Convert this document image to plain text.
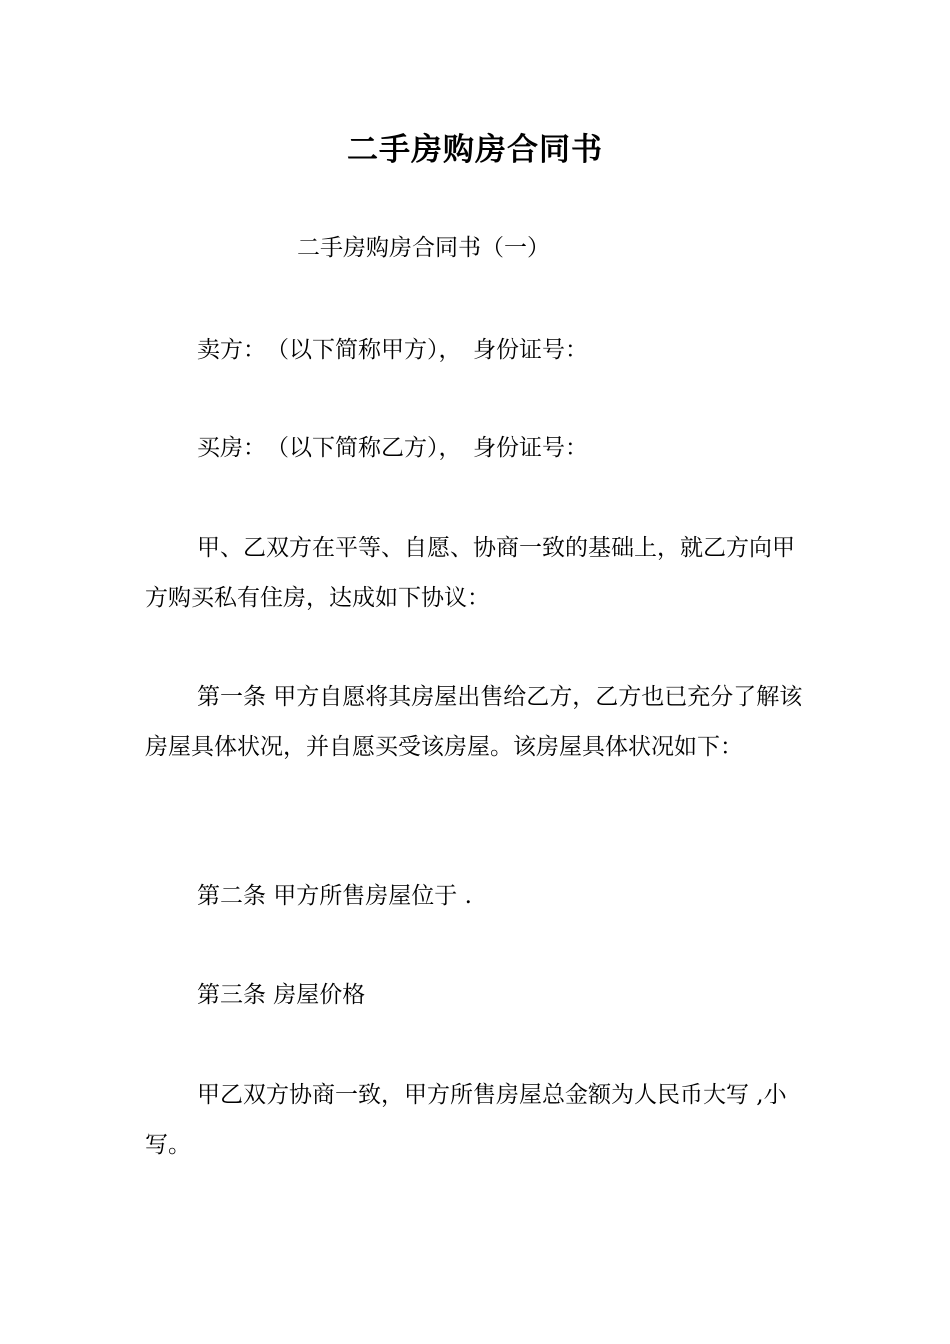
二手房购房合同书
二手房购房合同书（一）

卖方：　（以下简称甲方），　身份证号：

买房：　（以下简称乙方），　身份证号：

甲、乙双方在平等、自愿、协商一致的基础上，就乙方向甲方购买私有住房，达成如下协议：

第一条 甲方自愿将其房屋出售给乙方，乙方也已充分了解该房屋具体状况，并自愿买受该房屋。该房屋具体状况如下：

第二条 甲方所售房屋位于 .

第三条 房屋价格

甲乙双方协商一致，甲方所售房屋总金额为人民币大写 ,小写。
